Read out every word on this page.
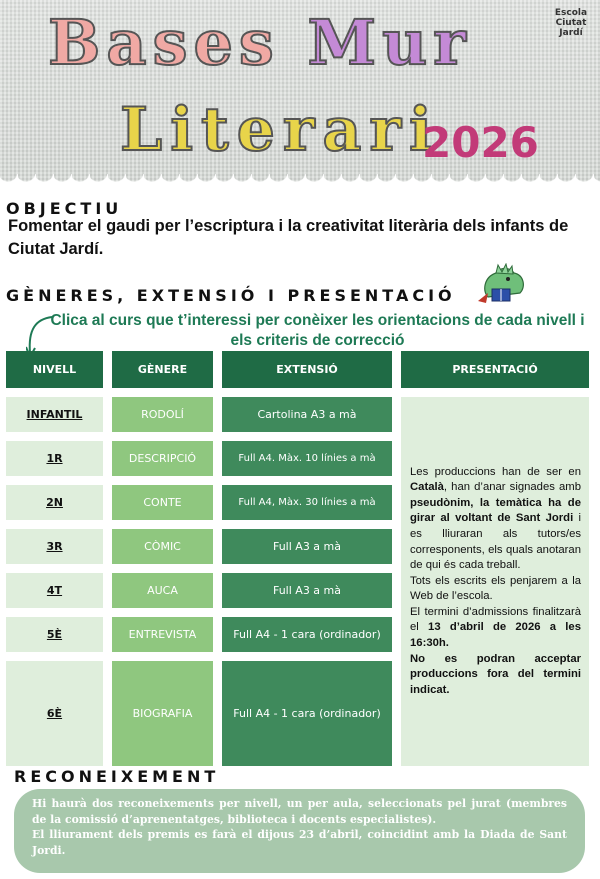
Bases Mur
Literari
2026
Escola
Ciutat
Jardí
OBJECTIU
Fomentar el gaudi per l’escriptura i la creativitat literària dels infants de Ciutat Jardí.
GÈNERES, EXTENSIÓ I PRESENTACIÓ
Clica al curs que t’interessi per conèixer les orientacions de cada nivell i els criteris de correcció
NIVELL	GÈNERE	EXTENSIÓ	PRESENTACIÓ
INFANTIL	RODOLÍ	Cartolina A3 a mà
1R	DESCRIPCIÓ	Full A4. Màx. 10 línies a mà
2N	CONTE	Full A4, Màx. 30 línies a mà
3R	CÒMIC	Full A3 a mà
4T	AUCA	Full A3 a mà
5È	ENTREVISTA	Full A4 - 1 cara (ordinador)
6È	BIOGRAFIA	Full A4 - 1 cara (ordinador)
Les produccions han de ser en Català, han d’anar signades amb pseudònim, la temàtica ha de girar al voltant de Sant Jordi i es lliuraran als tutors/es corresponents, els quals anotaran de qui és cada treball.
Tots els escrits els penjarem a la Web de l’escola.
El termini d’admissions finalitzarà el 13 d’abril de 2026 a les 16:30h.
No es podran acceptar produccions fora del termini indicat.
RECONEIXEMENT

Hi haurà dos reconeixements per nivell, un per aula, seleccionats pel jurat (membres de la comissió d’aprenentatges, biblioteca i docents especialistes).

El lliurament dels premis es farà el dijous 23 d’abril, coincidint amb la Diada de Sant Jordi.
